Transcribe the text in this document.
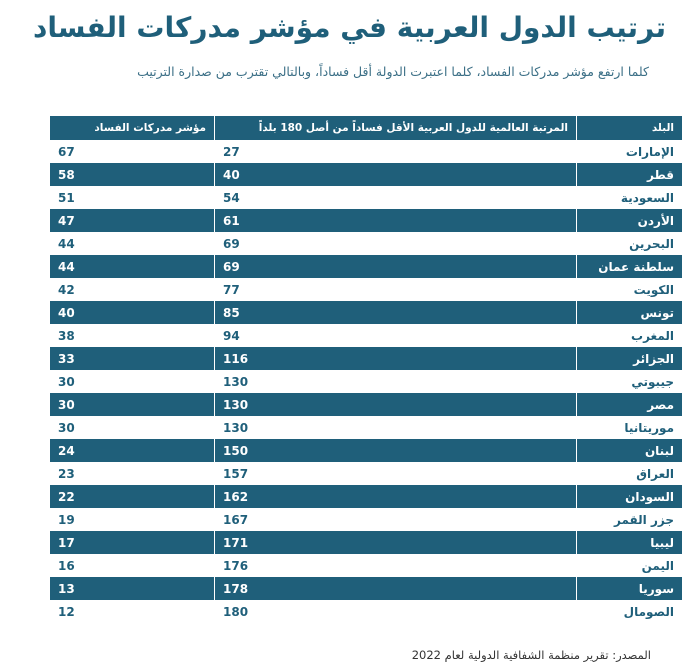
ترتيب الدول العربية في مؤشر مدركات الفساد
كلما ارتفع مؤشر مدركات الفساد، كلما اعتبرت الدولة أقل فساداً، وبالتالي تقترب من صدارة الترتيب
البلد	المرتبة العالمية للدول العربية الأقل فساداً من أصل 180 بلداً	مؤشر مدركات الفساد
الإمارات	27	67
قطر	40	58
السعودية	54	51
الأردن	61	47
البحرين	69	44
سلطنة عمان	69	44
الكويت	77	42
تونس	85	40
المغرب	94	38
الجزائر	116	33
جيبوتي	130	30
مصر	130	30
موريتانيا	130	30
لبنان	150	24
العراق	157	23
السودان	162	22
جزر القمر	167	19
ليبيا	171	17
اليمن	176	16
سوريا	178	13
الصومال	180	12
المصدر: تقرير منظمة الشفافية الدولية لعام 2022
